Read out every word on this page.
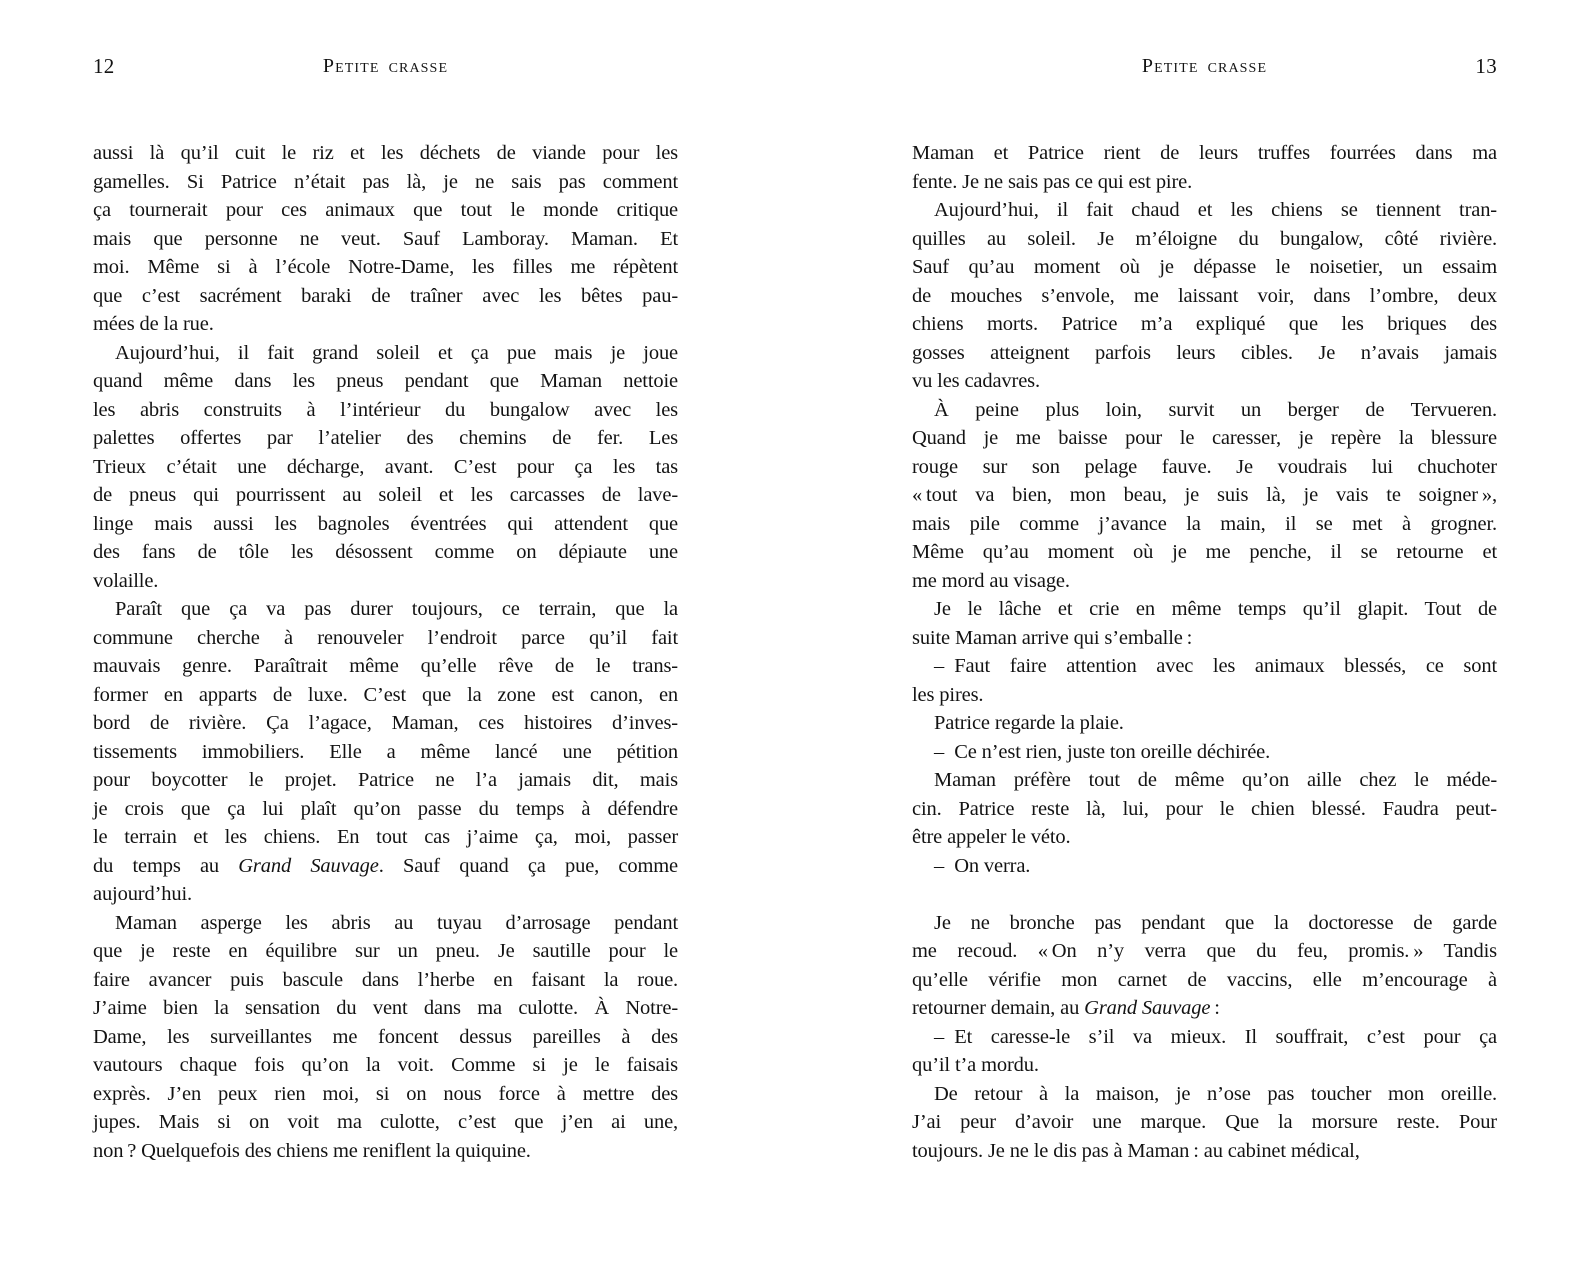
12	Petite crasse
aussi là qu’il cuit le riz et les déchets de viande pour les
gamelles. Si Patrice n’était pas là, je ne sais pas comment
ça tournerait pour ces animaux que tout le monde critique
mais que personne ne veut. Sauf Lamboray. Maman. Et
moi. Même si à l’école Notre-Dame, les filles me répètent
que c’est sacrément baraki de traîner avec les bêtes pau-
mées de la rue.
Aujourd’hui, il fait grand soleil et ça pue mais je joue
quand même dans les pneus pendant que Maman nettoie
les abris construits à l’intérieur du bungalow avec les
palettes offertes par l’atelier des chemins de fer. Les
Trieux c’était une décharge, avant. C’est pour ça les tas
de pneus qui pourrissent au soleil et les carcasses de lave-
linge mais aussi les bagnoles éventrées qui attendent que
des fans de tôle les désossent comme on dépiaute une
volaille.
Paraît que ça va pas durer toujours, ce terrain, que la
commune cherche à renouveler l’endroit parce qu’il fait
mauvais genre. Paraîtrait même qu’elle rêve de le trans-
former en apparts de luxe. C’est que la zone est canon, en
bord de rivière. Ça l’agace, Maman, ces histoires d’inves-
tissements immobiliers. Elle a même lancé une pétition
pour boycotter le projet. Patrice ne l’a jamais dit, mais
je crois que ça lui plaît qu’on passe du temps à défendre
le terrain et les chiens. En tout cas j’aime ça, moi, passer
du temps au Grand Sauvage. Sauf quand ça pue, comme
aujourd’hui.
Maman asperge les abris au tuyau d’arrosage pendant
que je reste en équilibre sur un pneu. Je sautille pour le
faire avancer puis bascule dans l’herbe en faisant la roue.
J’aime bien la sensation du vent dans ma culotte. À Notre-
Dame, les surveillantes me foncent dessus pareilles à des
vautours chaque fois qu’on la voit. Comme si je le faisais
exprès. J’en peux rien moi, si on nous force à mettre des
jupes. Mais si on voit ma culotte, c’est que j’en ai une,
non ? Quelquefois des chiens me reniflent la quiquine.
13
Petite crasse
Maman et Patrice rient de leurs truffes fourrées dans ma
fente. Je ne sais pas ce qui est pire.
Aujourd’hui, il fait chaud et les chiens se tiennent tran-
quilles au soleil. Je m’éloigne du bungalow, côté rivière.
Sauf qu’au moment où je dépasse le noisetier, un essaim
de mouches s’envole, me laissant voir, dans l’ombre, deux
chiens morts. Patrice m’a expliqué que les briques des
gosses atteignent parfois leurs cibles. Je n’avais jamais
vu les cadavres.
À peine plus loin, survit un berger de Tervueren.
Quand je me baisse pour le caresser, je repère la blessure
rouge sur son pelage fauve. Je voudrais lui chuchoter
« tout va bien, mon beau, je suis là, je vais te soigner »,
mais pile comme j’avance la main, il se met à grogner.
Même qu’au moment où je me penche, il se retourne et
me mord au visage.
Je le lâche et crie en même temps qu’il glapit. Tout de
suite Maman arrive qui s’emballe :
– Faut faire attention avec les animaux blessés, ce sont
les pires.
Patrice regarde la plaie.
– Ce n’est rien, juste ton oreille déchirée.
Maman préfère tout de même qu’on aille chez le méde-
cin. Patrice reste là, lui, pour le chien blessé. Faudra peut-
être appeler le véto.
– On verra.
Je ne bronche pas pendant que la doctoresse de garde
me recoud. « On n’y verra que du feu, promis. » Tandis
qu’elle vérifie mon carnet de vaccins, elle m’encourage à
retourner demain, au Grand Sauvage :
– Et caresse-le s’il va mieux. Il souffrait, c’est pour ça
qu’il t’a mordu.
De retour à la maison, je n’ose pas toucher mon oreille.
J’ai peur d’avoir une marque. Que la morsure reste. Pour
toujours. Je ne le dis pas à Maman : au cabinet médical,
